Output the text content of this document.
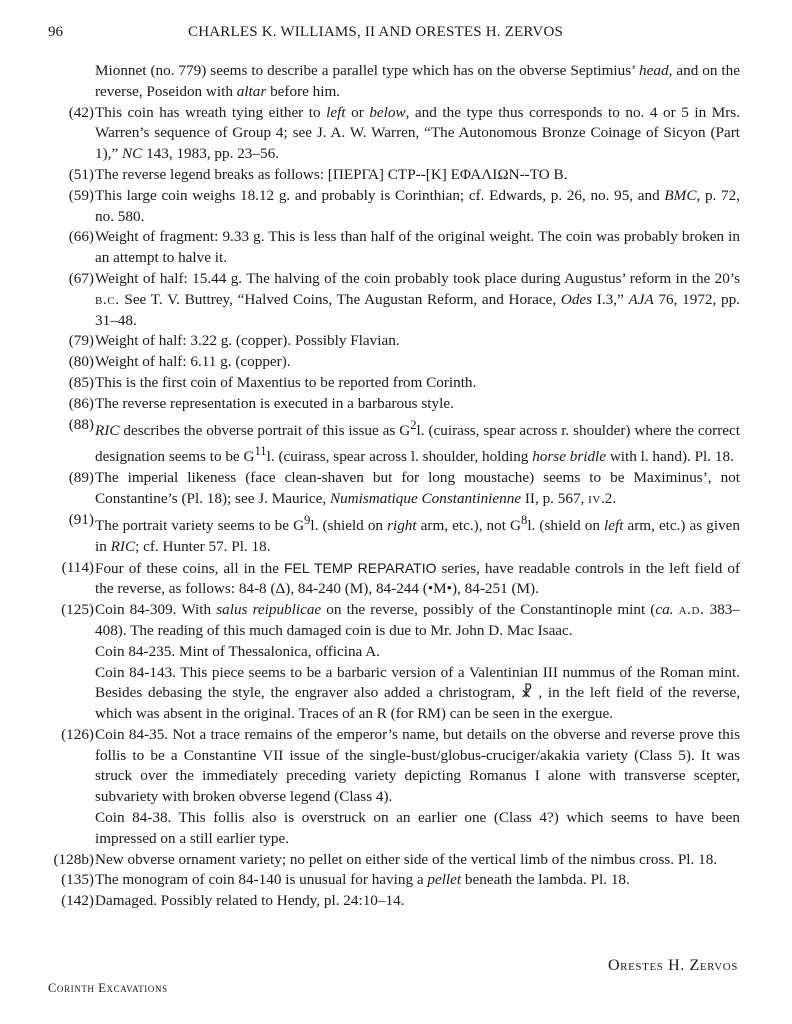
96	CHARLES K. WILLIAMS, II AND ORESTES H. ZERVOS

Mionnet (no. 779) seems to describe a parallel type which has on the obverse Septimius’ head, and on the reverse, Poseidon with altar before him.

(42) This coin has wreath tying either to left or below, and the type thus corresponds to no. 4 or 5 in Mrs. Warren’s sequence of Group 4; see J. A. W. Warren, “The Autonomous Bronze Coinage of Sicyon (Part 1),” NC 143, 1983, pp. 23–56.

(51) The reverse legend breaks as follows: [ΠΕΡΓΑ] ϹΤΡ--[Κ] ΕΦΑΛΙΩΝ--ΤΟ Β.

(59) This large coin weighs 18.12 g. and probably is Corinthian; cf. Edwards, p. 26, no. 95, and BMC, p. 72, no. 580.

(66) Weight of fragment: 9.33 g. This is less than half of the original weight. The coin was probably broken in an attempt to halve it.

(67) Weight of half: 15.44 g. The halving of the coin probably took place during Augustus’ reform in the 20’s b.c. See T. V. Buttrey, “Halved Coins, The Augustan Reform, and Horace, Odes I.3,” AJA 76, 1972, pp. 31–48.

(79) Weight of half: 3.22 g. (copper). Possibly Flavian.

(80) Weight of half: 6.11 g. (copper).

(85) This is the first coin of Maxentius to be reported from Corinth.

(86) The reverse representation is executed in a barbarous style.

(88) RIC describes the obverse portrait of this issue as $G^2l$. (cuirass, spear across r. shoulder) where the correct designation seems to be $G^{11}l$. (cuirass, spear across l. shoulder, holding horse bridle with l. hand). Pl. 18.

(89) The imperial likeness (face clean-shaven but for long moustache) seems to be Maximinus’, not Constantine’s (Pl. 18); see J. Maurice, Numismatique Constantinienne II, p. 567, iv.2.

(91) The portrait variety seems to be $G^9l$. (shield on right arm, etc.), not $G^8l$. (shield on left arm, etc.) as given in RIC; cf. Hunter 57. Pl. 18.

(114) Four of these coins, all in the FEL TEMP REPARATIO series, have readable controls in the left field of the reverse, as follows: 84-8 (Δ), 84-240 (M), 84-244 (•M•), 84-251 (M).

(125) Coin 84-309. With salus reipublicae on the reverse, possibly of the Constantinople mint (ca. a.d. 383–408). The reading of this much damaged coin is due to Mr. John D. Mac Isaac.

Coin 84-235. Mint of Thessalonica, officina A.

Coin 84-143. This piece seems to be a barbaric version of a Valentinian III nummus of the Roman mint. Besides debasing the style, the engraver also added a christogram, ☧ , in the left field of the reverse, which was absent in the original. Traces of an R (for RM) can be seen in the exergue.

(126) Coin 84-35. Not a trace remains of the emperor’s name, but details on the obverse and reverse prove this follis to be a Constantine VII issue of the single-bust/globus-cruciger/akakia variety (Class 5). It was struck over the immediately preceding variety depicting Romanus I alone with transverse scepter, subvariety with broken obverse legend (Class 4).

Coin 84-38. This follis also is overstruck on an earlier one (Class 4?) which seems to have been impressed on a still earlier type.

(128b) New obverse ornament variety; no pellet on either side of the vertical limb of the nimbus cross. Pl. 18.

(135) The monogram of coin 84-140 is unusual for having a pellet beneath the lambda. Pl. 18.

(142) Damaged. Possibly related to Hendy, pl. 24:10–14.

Orestes H. Zervos
Corinth Excavations
